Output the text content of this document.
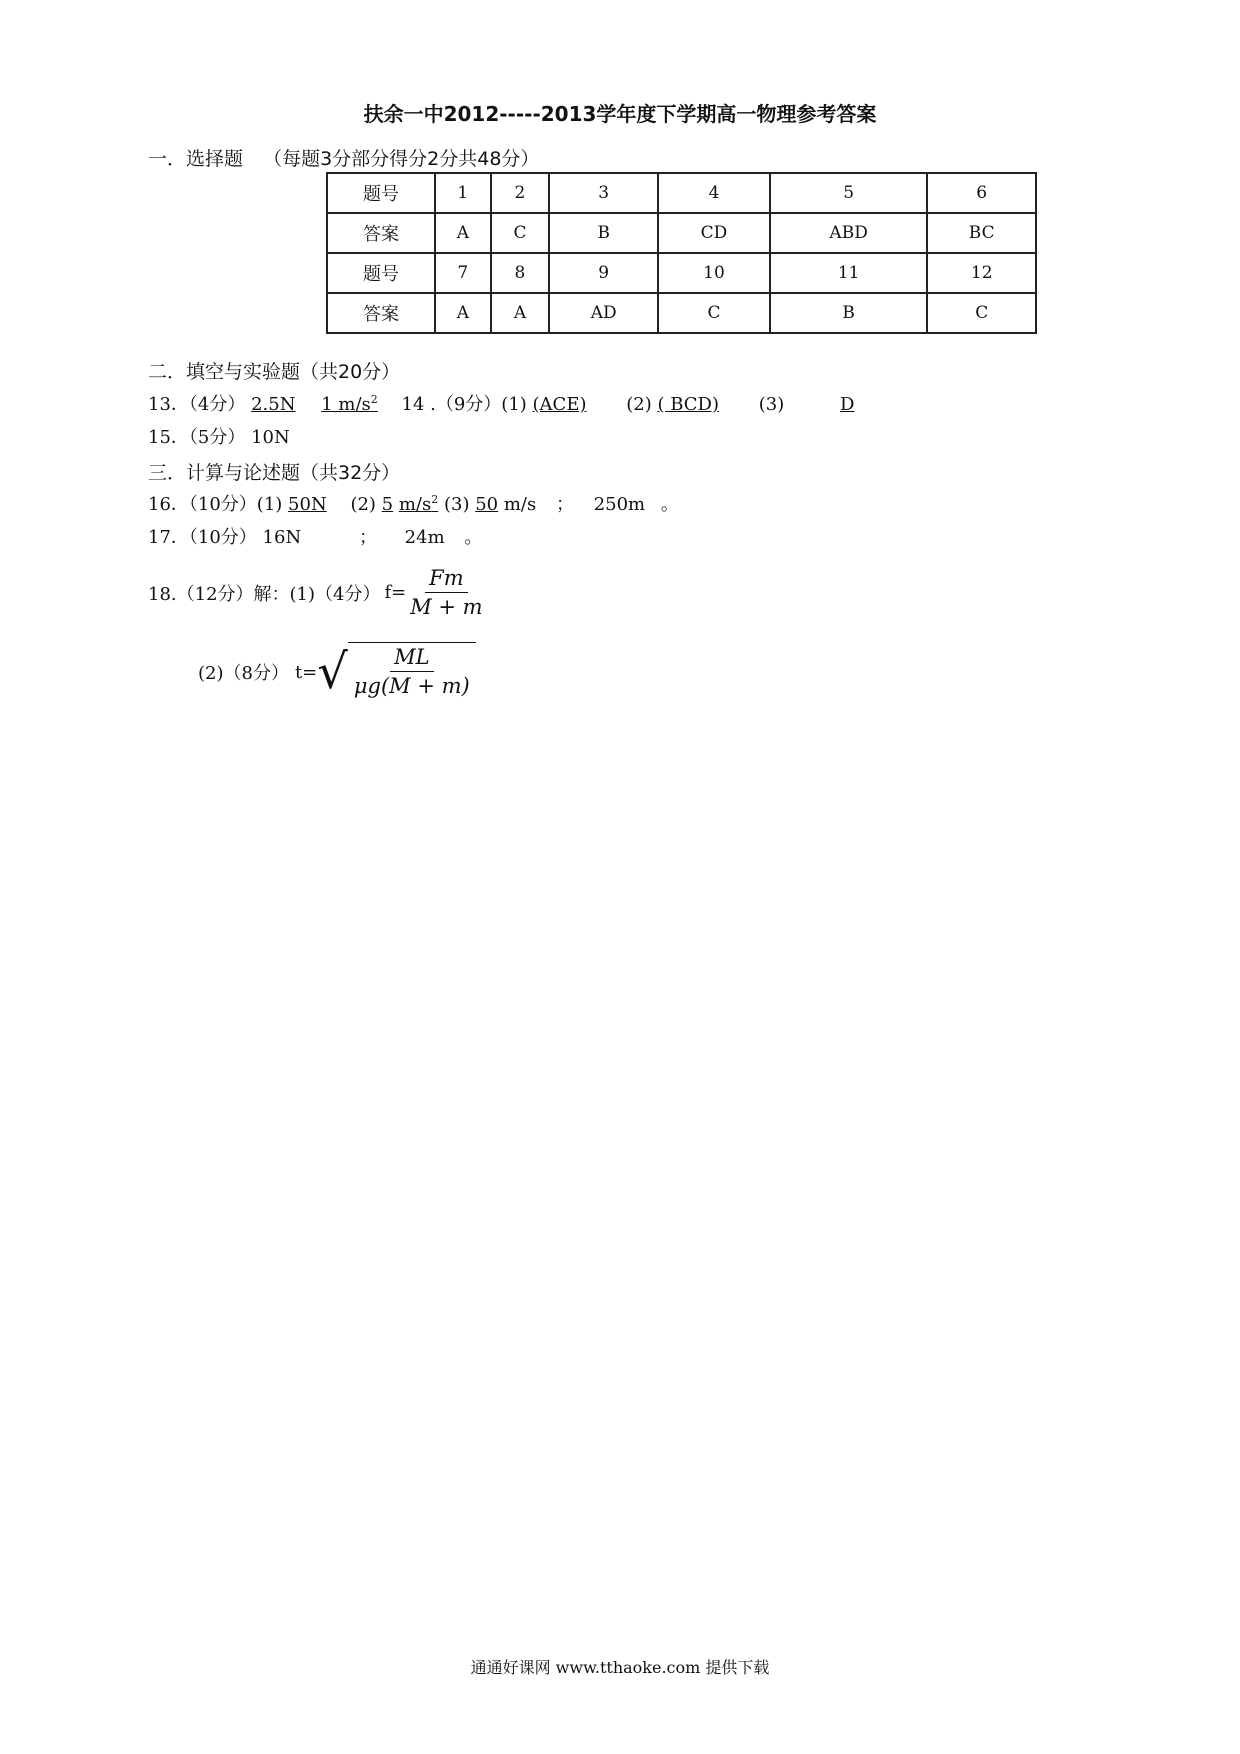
扶余一中2012-----2013学年度下学期高一物理参考答案
一．选择题 （每题3分部分得分2分共48分）
题号	1	2	3	4	5	6
答案	A	C	B	CD	ABD	BC
题号	7	8	9	10	11	12
答案	A	A	AD	C	B	C
二．填空与实验题（共20分）
13．（4分） 2.5N 1 $m/s^2$ 14 .（9分）(1) (ACE) (2) ( BCD) (3)	D
15．（5分） 10N
三．计算与论述题（共32分）
16．（10分）(1) 50N (2) 5 $m/s^2$ (3) 50 m/s ； 250m 。
17．（10分） 16N	； 24m 。
18.（12分）解：(1)（4分） $f= \frac{Fm}{M + m}$
(2)（8分） t= √ $\frac{ML}{\mu g(M + m)}$
通通好课网 www.tthaoke.com 提供下载
